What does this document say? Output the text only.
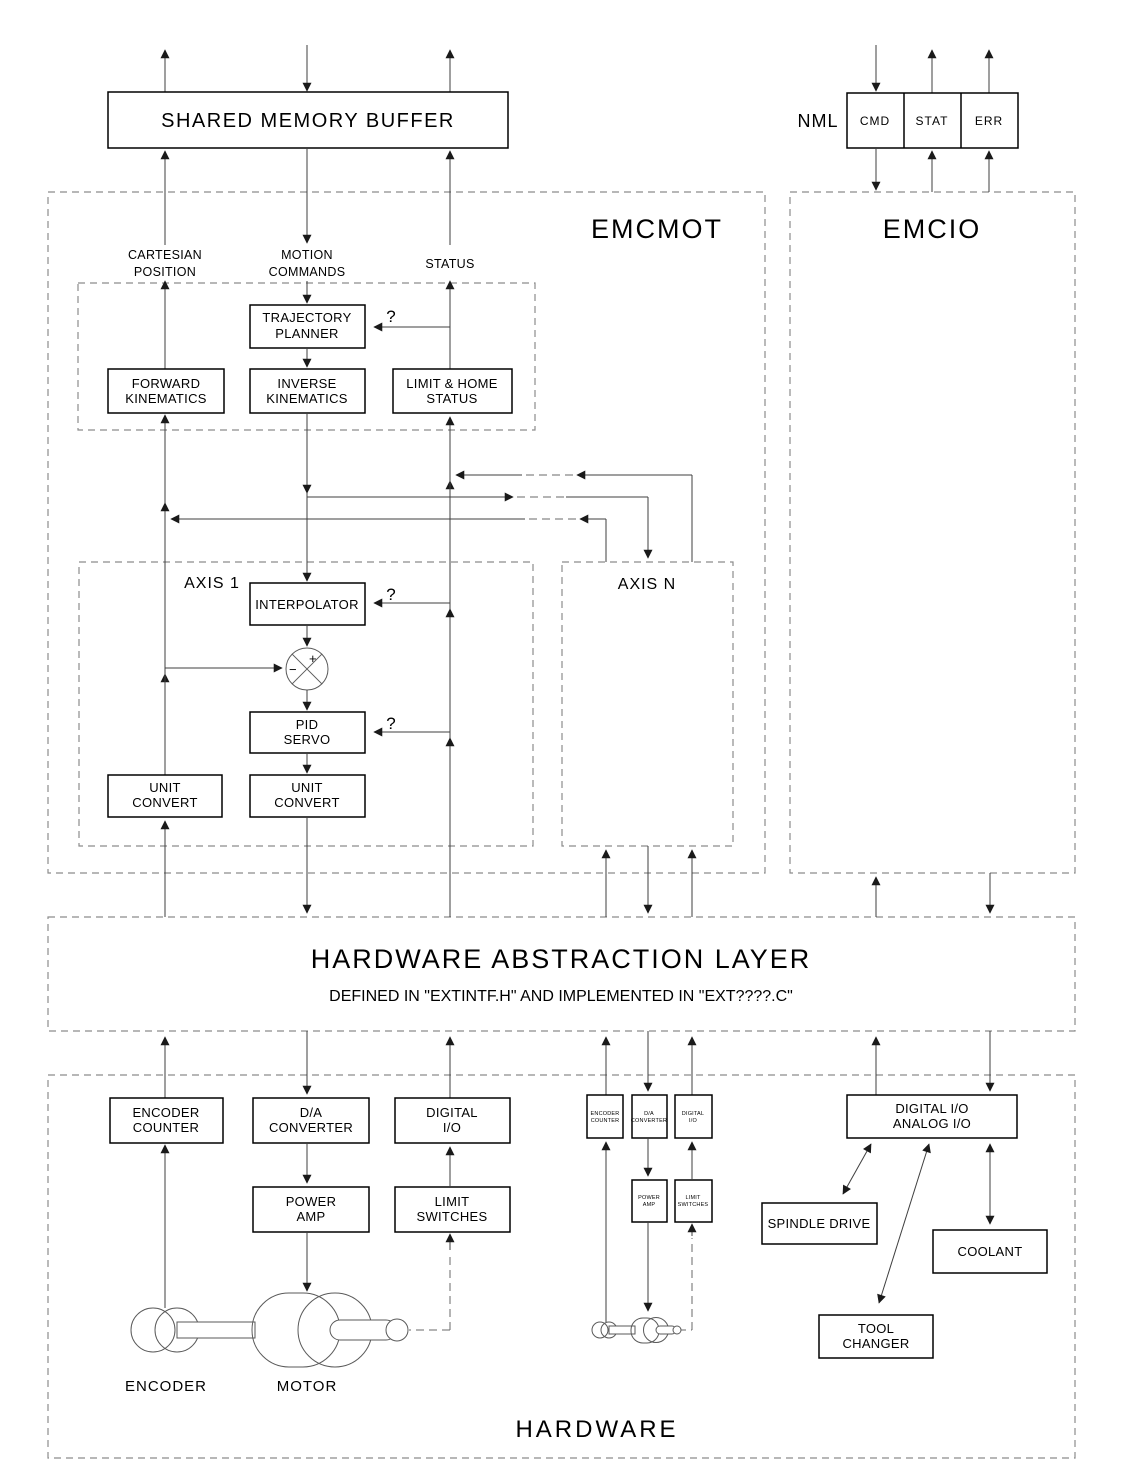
SHARED MEMORY BUFFER	NML CMD STAT ERR
EMCMOT	EMCIO
CARTESIAN
POSITION
MOTION
COMMANDS
STATUS
TRAJECTORY
PLANNER
?
FORWARD
KINEMATICS
INVERSE
KINEMATICS
LIMIT & HOME
STATUS
AXIS 1
INTERPOLATOR
?
+
−
PID
SERVO
?
UNIT
CONVERT
UNIT
CONVERT
AXIS N
HARDWARE ABSTRACTION LAYER
DEFINED IN "EXTINTF.H" AND IMPLEMENTED IN "EXT????.C"
ENCODER
COUNTER
D/A
CONVERTER
DIGITAL
I/O
POWER
AMP
LIMIT
SWITCHES
ENCODER	MOTOR
ENCODER
COUNTER
D/A
CONVERTER
DIGITAL
I/O
POWER
AMP
LIMIT
SWITCHES
DIGITAL I/O
ANALOG I/O
SPINDLE DRIVE
COOLANT
TOOL
CHANGER
HARDWARE
